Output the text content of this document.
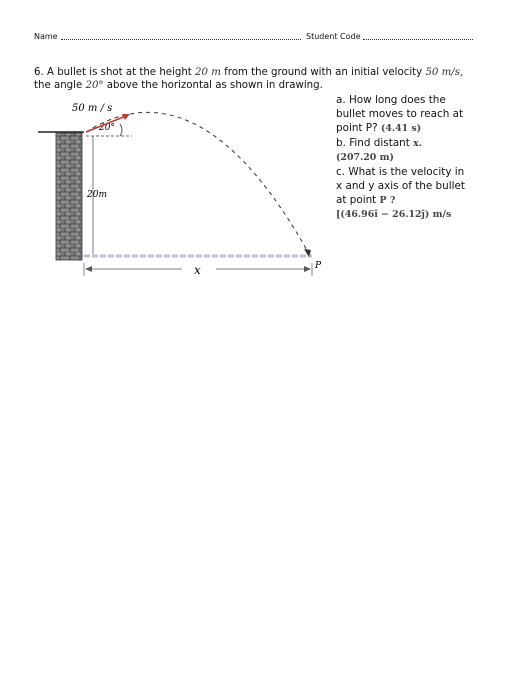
Name	Student Code
6. A bullet is shot at the height 20 m from the ground with an initial velocity 50 m/s,
the angle 20° above the horizontal as shown in drawing.
a. How long does the
bullet moves to reach at
point P? (4.41 s)
b. Find distant x.
(207.20 m)
c. What is the velocity in
x and y axis of the bullet
at point P ?
[(46.96î − 26.12ĵ) m/s
20m
50 m / s
20°
P
x
